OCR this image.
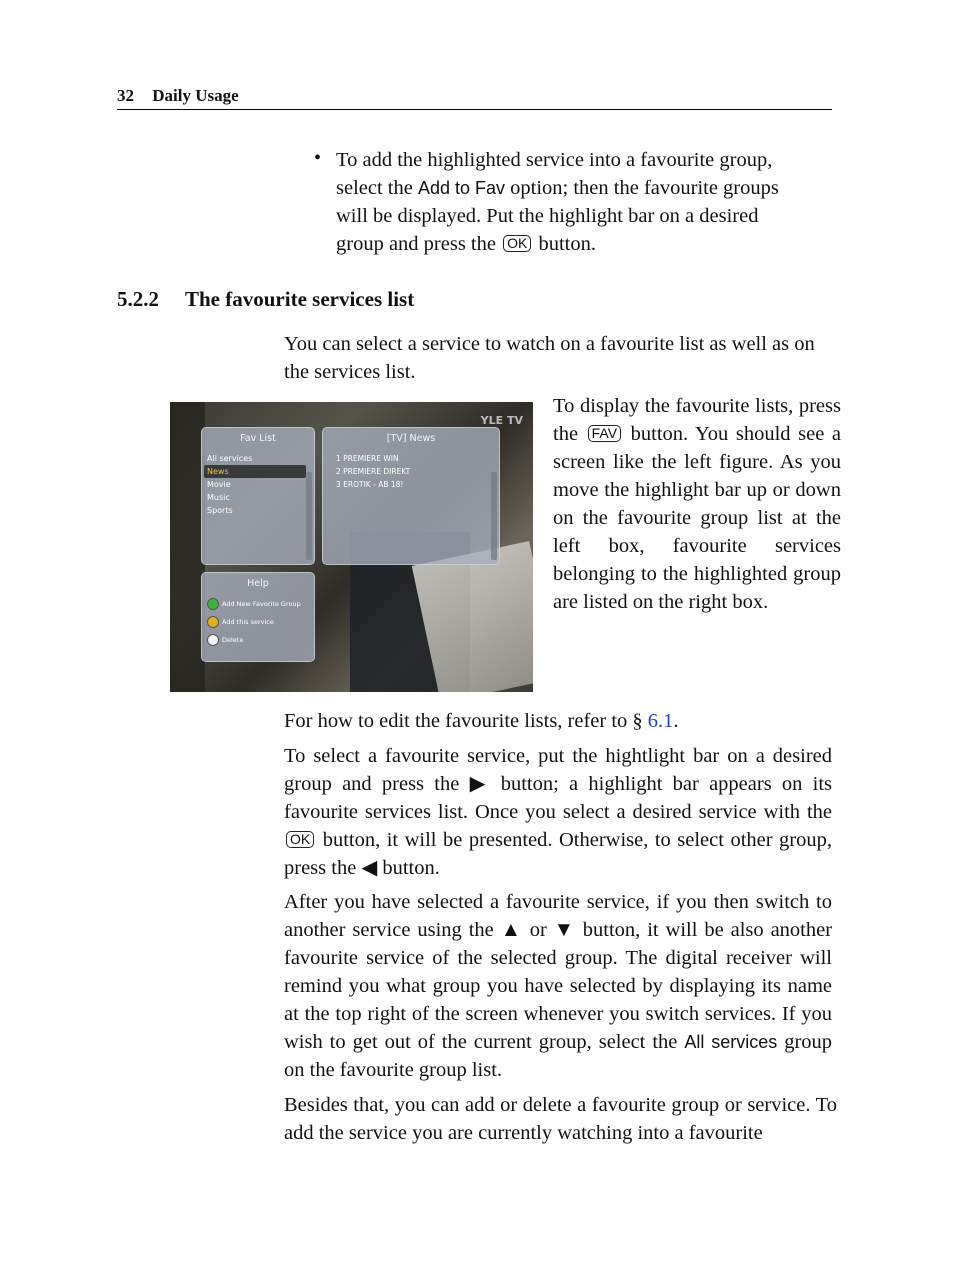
32 Daily Usage
• To add the highlighted service into a favourite group,
select the Add to Fav option; then the favourite groups
will be displayed. Put the highlight bar on a desired
group and press the OK button.
5.2.2 The favourite services list

You can select a service to watch on a favourite list as well as on the services list.

YLE TV
Fav List
All services
News
Movie
Music
Sports
[TV] News
1 PREMIERE WIN
2 PREMIERE DIREKT
3 EROTIK - AB 18!
Help
Add New Favorite Group
Add this service
Delete

To display the favourite lists, press the FAV button. You should see a screen like the left figure. As you move the highlight bar up or down on the favourite group list at the left box, favourite services belonging to the highlighted group are listed on the right box.

For how to edit the favourite lists, refer to § 6.1.

To select a favourite service, put the hightlight bar on a desired group and press the ▶ button; a highlight bar appears on its favourite services list. Once you select a desired service with the OK button, it will be presented. Otherwise, to select other group, press the ◀ button.

After you have selected a favourite service, if you then switch to another service using the ▲ or ▼ button, it will be also another favourite service of the selected group. The digital receiver will remind you what group you have selected by displaying its name at the top right of the screen whenever you switch services. If you wish to get out of the current group, select the All services group on the favourite group list.

Besides that, you can add or delete a favourite group or service. To add the service you are currently watching into a favourite
